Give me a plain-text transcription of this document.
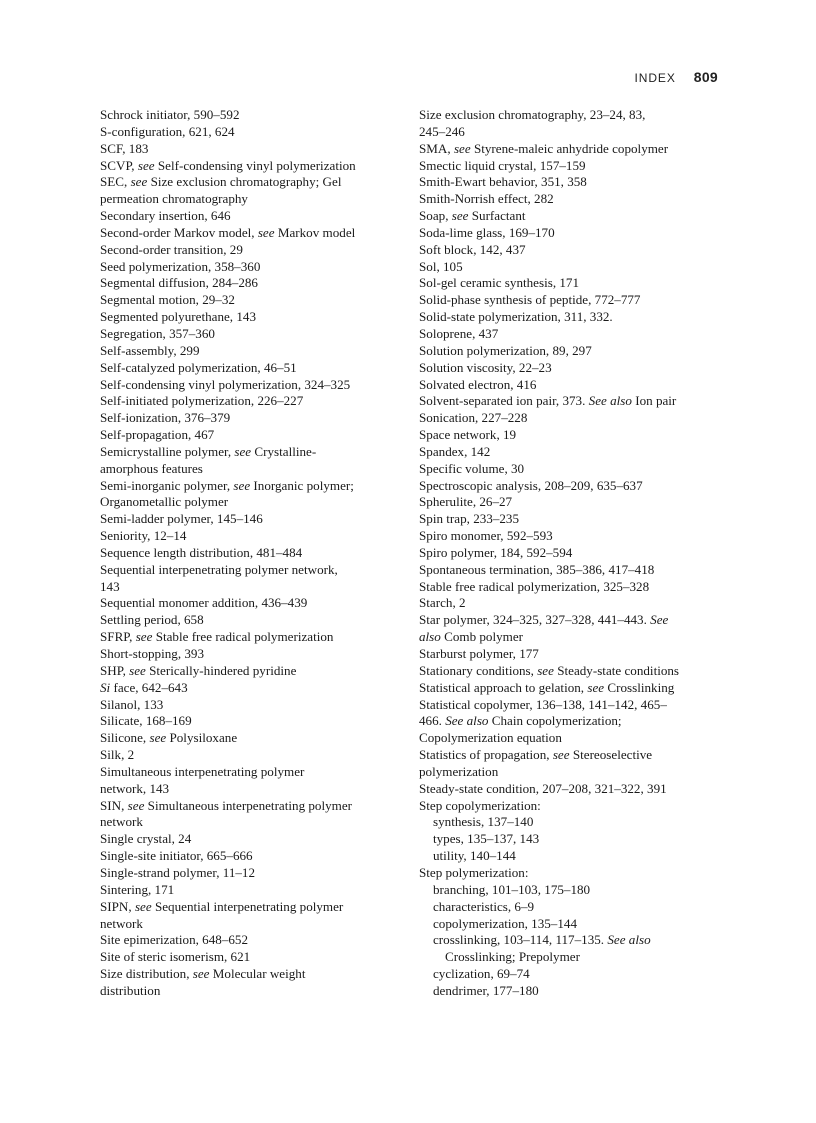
INDEX 809
Schrock initiator, 590–592
S-configuration, 621, 624
SCF, 183
SCVP, see Self-condensing vinyl polymerization
SEC, see Size exclusion chromatography; Gel
permeation chromatography
Secondary insertion, 646
Second-order Markov model, see Markov model
Second-order transition, 29
Seed polymerization, 358–360
Segmental diffusion, 284–286
Segmental motion, 29–32
Segmented polyurethane, 143
Segregation, 357–360
Self-assembly, 299
Self-catalyzed polymerization, 46–51
Self-condensing vinyl polymerization, 324–325
Self-initiated polymerization, 226–227
Self-ionization, 376–379
Self-propagation, 467
Semicrystalline polymer, see Crystalline-
amorphous features
Semi-inorganic polymer, see Inorganic polymer;
Organometallic polymer
Semi-ladder polymer, 145–146
Seniority, 12–14
Sequence length distribution, 481–484
Sequential interpenetrating polymer network,
143
Sequential monomer addition, 436–439
Settling period, 658
SFRP, see Stable free radical polymerization
Short-stopping, 393
SHP, see Sterically-hindered pyridine
Si face, 642–643
Silanol, 133
Silicate, 168–169
Silicone, see Polysiloxane
Silk, 2
Simultaneous interpenetrating polymer
network, 143
SIN, see Simultaneous interpenetrating polymer
network
Single crystal, 24
Single-site initiator, 665–666
Single-strand polymer, 11–12
Sintering, 171
SIPN, see Sequential interpenetrating polymer
network
Site epimerization, 648–652
Site of steric isomerism, 621
Size distribution, see Molecular weight
distribution
Size exclusion chromatography, 23–24, 83,
245–246
SMA, see Styrene-maleic anhydride copolymer
Smectic liquid crystal, 157–159
Smith-Ewart behavior, 351, 358
Smith-Norrish effect, 282
Soap, see Surfactant
Soda-lime glass, 169–170
Soft block, 142, 437
Sol, 105
Sol-gel ceramic synthesis, 171
Solid-phase synthesis of peptide, 772–777
Solid-state polymerization, 311, 332.
Soloprene, 437
Solution polymerization, 89, 297
Solution viscosity, 22–23
Solvated electron, 416
Solvent-separated ion pair, 373. See also Ion pair
Sonication, 227–228
Space network, 19
Spandex, 142
Specific volume, 30
Spectroscopic analysis, 208–209, 635–637
Spherulite, 26–27
Spin trap, 233–235
Spiro monomer, 592–593
Spiro polymer, 184, 592–594
Spontaneous termination, 385–386, 417–418
Stable free radical polymerization, 325–328
Starch, 2
Star polymer, 324–325, 327–328, 441–443. See
also Comb polymer
Starburst polymer, 177
Stationary conditions, see Steady-state conditions
Statistical approach to gelation, see Crosslinking
Statistical copolymer, 136–138, 141–142, 465–
466. See also Chain copolymerization;
Copolymerization equation
Statistics of propagation, see Stereoselective
polymerization
Steady-state condition, 207–208, 321–322, 391
Step copolymerization:
synthesis, 137–140
types, 135–137, 143
utility, 140–144
Step polymerization:
branching, 101–103, 175–180
characteristics, 6–9
copolymerization, 135–144
crosslinking, 103–114, 117–135. See also
Crosslinking; Prepolymer
cyclization, 69–74
dendrimer, 177–180
